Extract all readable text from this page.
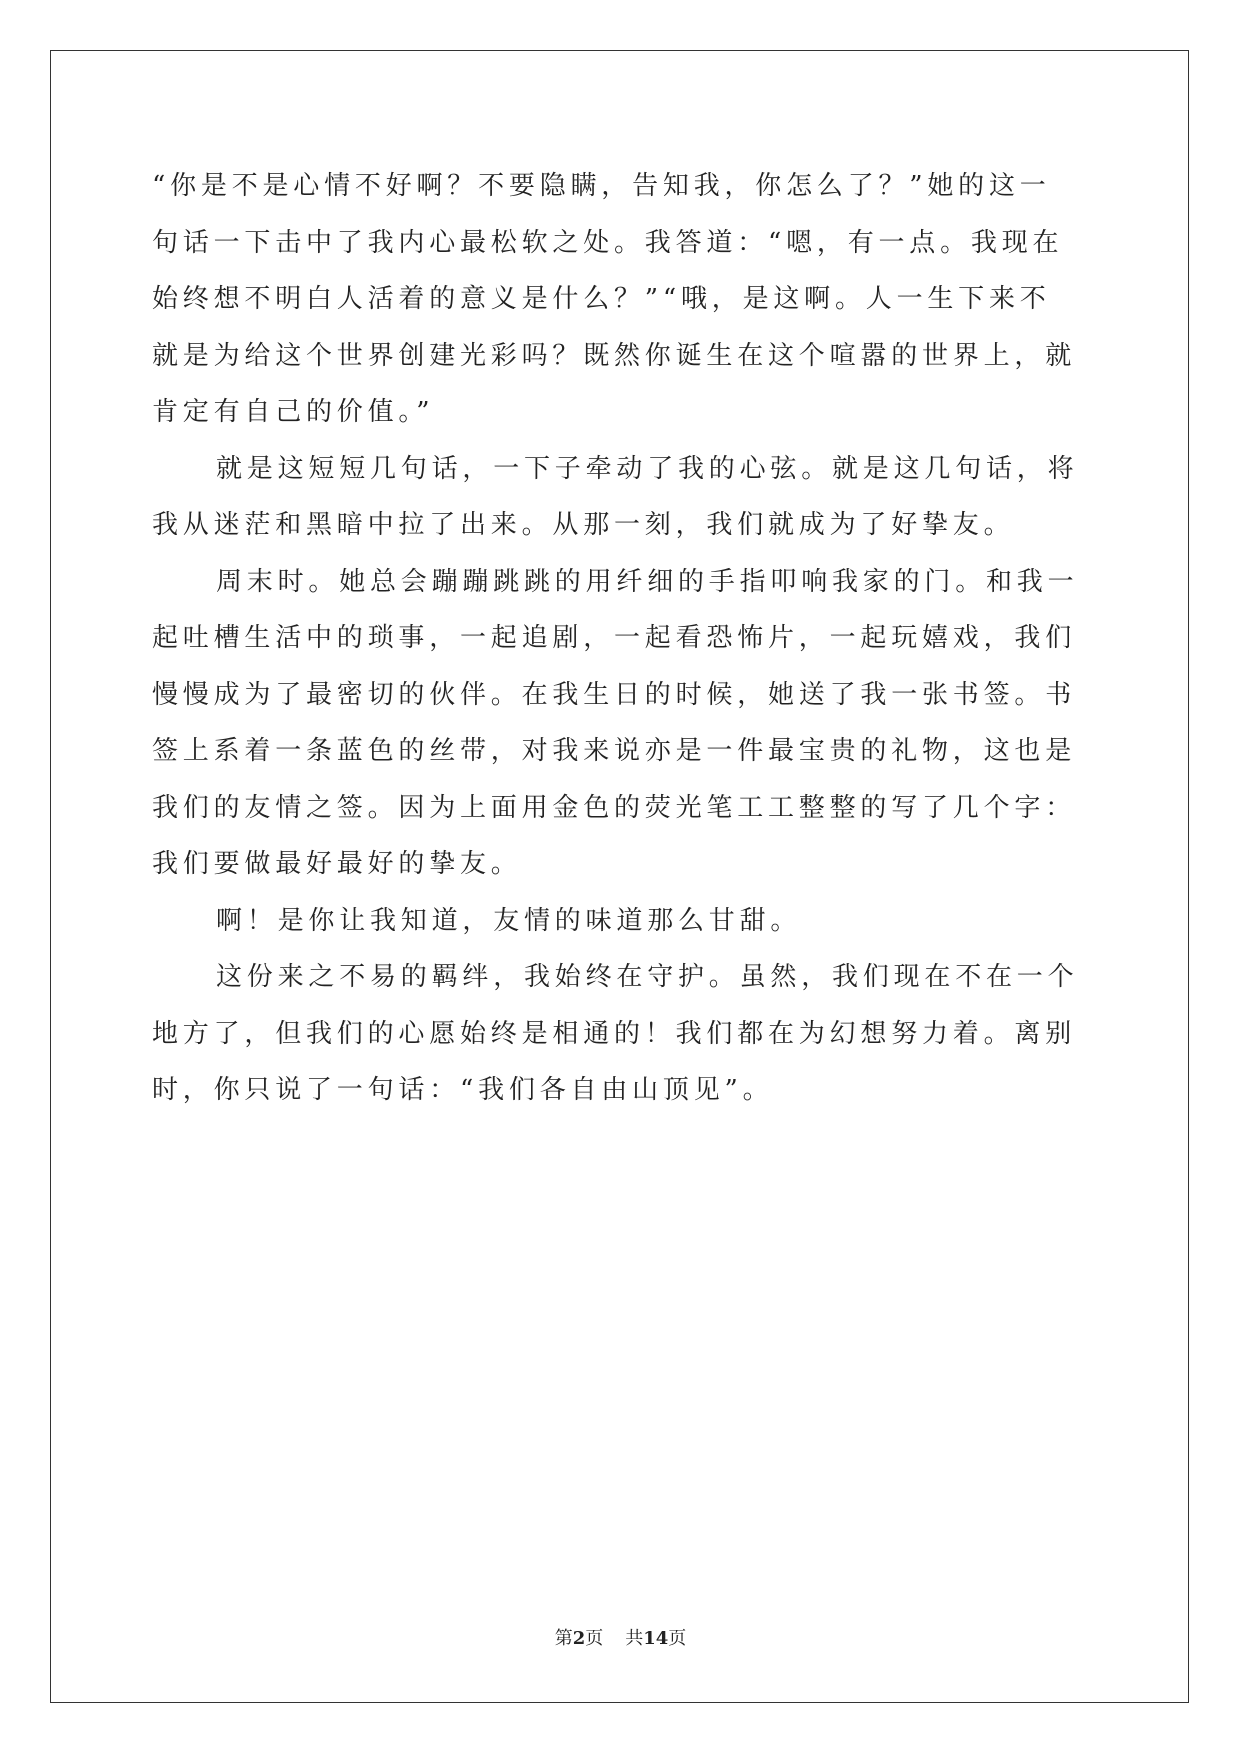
“你是不是心情不好啊？不要隐瞒，告知我，你怎么了？”她的这一

句话一下击中了我内心最松软之处。我答道：“嗯，有一点。我现在

始终想不明白人活着的意义是什么？”“哦，是这啊。人一生下来不

就是为给这个世界创建光彩吗？既然你诞生在这个喧嚣的世界上，就

肯定有自己的价值。”

就是这短短几句话，一下子牵动了我的心弦。就是这几句话，将

我从迷茫和黑暗中拉了出来。从那一刻，我们就成为了好挚友。

周末时。她总会蹦蹦跳跳的用纤细的手指叩响我家的门。和我一

起吐槽生活中的琐事，一起追剧，一起看恐怖片，一起玩嬉戏，我们

慢慢成为了最密切的伙伴。在我生日的时候，她送了我一张书签。书

签上系着一条蓝色的丝带，对我来说亦是一件最宝贵的礼物，这也是

我们的友情之签。因为上面用金色的荧光笔工工整整的写了几个字：

我们要做最好最好的挚友。

啊！是你让我知道，友情的味道那么甘甜。

这份来之不易的羁绊，我始终在守护。虽然，我们现在不在一个

地方了，但我们的心愿始终是相通的！我们都在为幻想努力着。离别

时，你只说了一句话：“我们各自由山顶见”。

第2页 共14页
